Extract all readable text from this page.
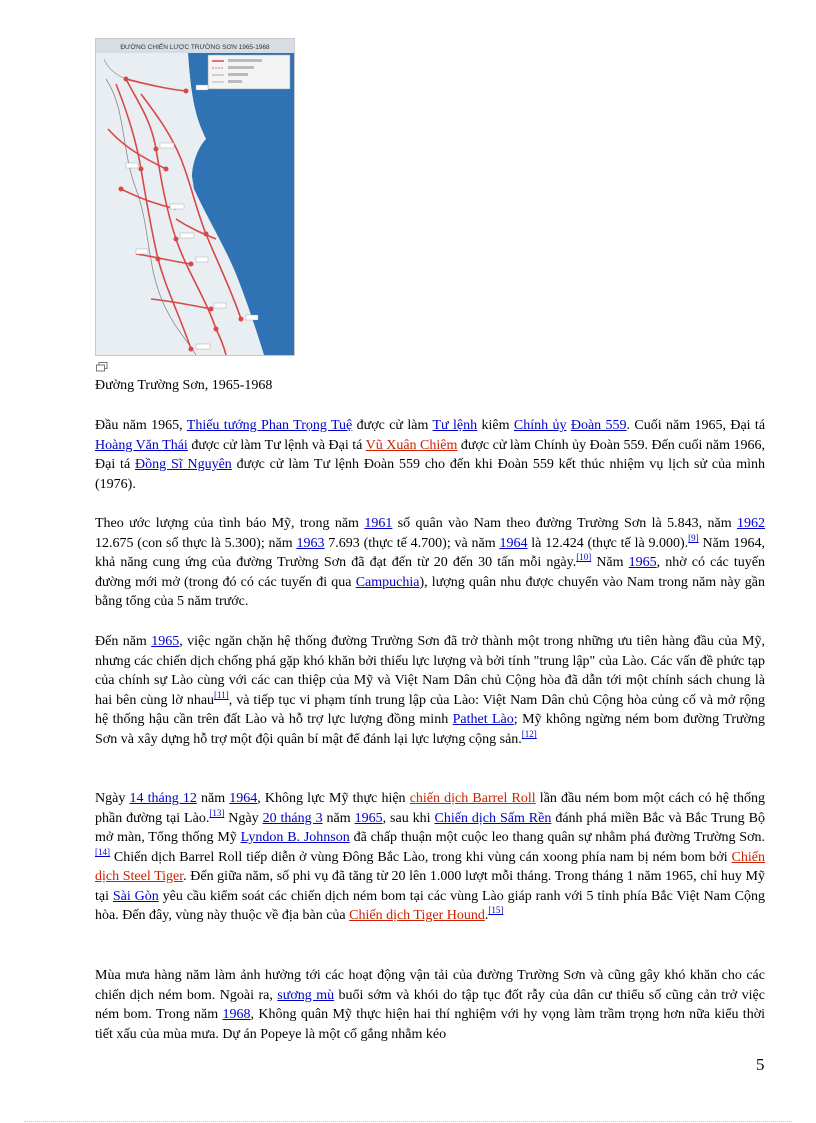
ĐƯỜNG CHIẾN LƯỢC TRƯỜNG SƠN 1965-1968
Đường Trường Sơn, 1965-1968

Đầu năm 1965, Thiếu tướng Phan Trọng Tuệ được cử làm Tư lệnh kiêm Chính ủy Đoàn 559. Cuối năm 1965, Đại tá Hoàng Văn Thái được cử làm Tư lệnh và Đại tá Vũ Xuân Chiêm được cử làm Chính ủy Đoàn 559. Đến cuối năm 1966, Đại tá Đồng Sĩ Nguyên được cử làm Tư lệnh Đoàn 559 cho đến khi Đoàn 559 kết thúc nhiệm vụ lịch sử của mình (1976).

Theo ước lượng của tình báo Mỹ, trong năm 1961 số quân vào Nam theo đường Trường Sơn là 5.843, năm 1962 12.675 (con số thực là 5.300); năm 1963 7.693 (thực tế 4.700); và năm 1964 là 12.424 (thực tế là 9.000).[9] Năm 1964, khả năng cung ứng của đường Trường Sơn đã đạt đến từ 20 đến 30 tấn mỗi ngày.[10] Năm 1965, nhờ có các tuyến đường mới mở (trong đó có các tuyến đi qua Campuchia), lượng quân nhu được chuyển vào Nam trong năm này gần bằng tổng của 5 năm trước.

Đến năm 1965, việc ngăn chặn hệ thống đường Trường Sơn đã trở thành một trong những ưu tiên hàng đầu của Mỹ, nhưng các chiến dịch chống phá gặp khó khăn bởi thiếu lực lượng và bởi tính "trung lập" của Lào. Các vấn đề phức tạp của chính sự Lào cùng với các can thiệp của Mỹ và Việt Nam Dân chủ Cộng hòa đã dẫn tới một chính sách chung là hai bên cùng lờ nhau[11], và tiếp tục vi phạm tính trung lập của Lào: Việt Nam Dân chủ Cộng hòa củng cố và mở rộng hệ thống hậu cần trên đất Lào và hỗ trợ lực lượng đồng minh Pathet Lào; Mỹ không ngừng ném bom đường Trường Sơn và xây dựng hỗ trợ một đội quân bí mật để đánh lại lực lượng cộng sản.[12]

Ngày 14 tháng 12 năm 1964, Không lực Mỹ thực hiện chiến dịch Barrel Roll lần đầu ném bom một cách có hệ thống phần đường tại Lào.[13] Ngày 20 tháng 3 năm 1965, sau khi Chiến dịch Sấm Rền đánh phá miền Bắc và Bắc Trung Bộ mở màn, Tổng thống Mỹ Lyndon B. Johnson đã chấp thuận một cuộc leo thang quân sự nhằm phá đường Trường Sơn.[14] Chiến dịch Barrel Roll tiếp diễn ở vùng Đông Bắc Lào, trong khi vùng cán xoong phía nam bị ném bom bởi Chiến dịch Steel Tiger. Đến giữa năm, số phi vụ đã tăng từ 20 lên 1.000 lượt mỗi tháng. Trong tháng 1 năm 1965, chỉ huy Mỹ tại Sài Gòn yêu cầu kiểm soát các chiến dịch ném bom tại các vùng Lào giáp ranh với 5 tỉnh phía Bắc Việt Nam Cộng hòa. Đến đây, vùng này thuộc về địa bàn của Chiến dịch Tiger Hound.[15]

Mùa mưa hàng năm làm ảnh hưởng tới các hoạt động vận tải của đường Trường Sơn và cũng gây khó khăn cho các chiến dịch ném bom. Ngoài ra, sương mù buổi sớm và khói do tập tục đốt rẫy của dân cư thiểu số cũng cản trở việc ném bom. Trong năm 1968, Không quân Mỹ thực hiện hai thí nghiệm với hy vọng làm trầm trọng hơn nữa kiểu thời tiết xấu của mùa mưa. Dự án Popeye là một cố gắng nhằm kéo

5
